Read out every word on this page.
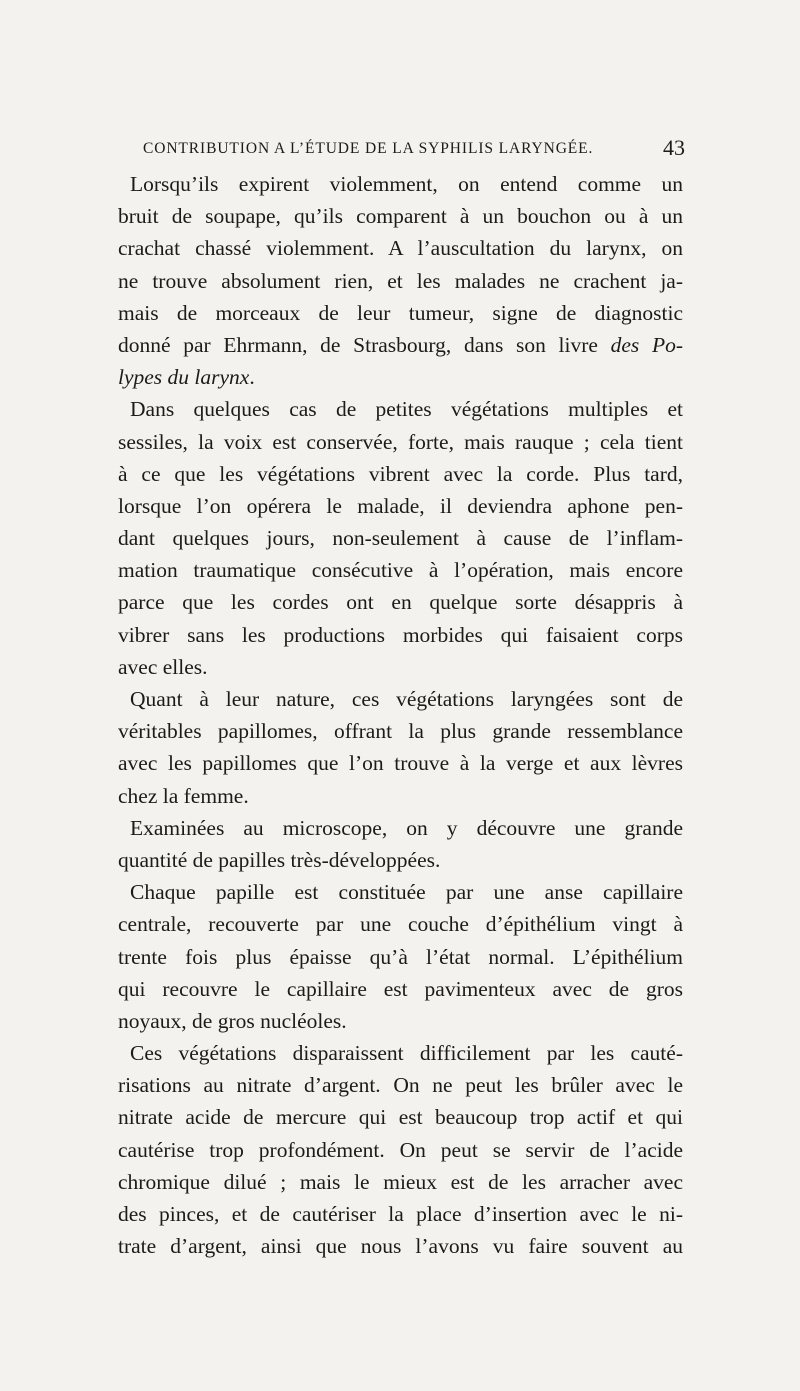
CONTRIBUTION A L’ÉTUDE DE LA SYPHILIS LARYNGÉE.	43
Lorsqu’ils expirent violemment, on entend comme un
bruit de soupape, qu’ils comparent à un bouchon ou à un
crachat chassé violemment. A l’auscultation du larynx, on
ne trouve absolument rien, et les malades ne crachent ja-
mais de morceaux de leur tumeur, signe de diagnostic
donné par Ehrmann, de Strasbourg, dans son livre des Po-
lypes du larynx.
Dans quelques cas de petites végétations multiples et
sessiles, la voix est conservée, forte, mais rauque ; cela tient
à ce que les végétations vibrent avec la corde. Plus tard,
lorsque l’on opérera le malade, il deviendra aphone pen-
dant quelques jours, non-seulement à cause de l’inflam-
mation traumatique consécutive à l’opération, mais encore
parce que les cordes ont en quelque sorte désappris à
vibrer sans les productions morbides qui faisaient corps
avec elles.
Quant à leur nature, ces végétations laryngées sont de
véritables papillomes, offrant la plus grande ressemblance
avec les papillomes que l’on trouve à la verge et aux lèvres
chez la femme.
Examinées au microscope, on y découvre une grande
quantité de papilles très-développées.
Chaque papille est constituée par une anse capillaire
centrale, recouverte par une couche d’épithélium vingt à
trente fois plus épaisse qu’à l’état normal. L’épithélium
qui recouvre le capillaire est pavimenteux avec de gros
noyaux, de gros nucléoles.
Ces végétations disparaissent difficilement par les cauté-
risations au nitrate d’argent. On ne peut les brûler avec le
nitrate acide de mercure qui est beaucoup trop actif et qui
cautérise trop profondément. On peut se servir de l’acide
chromique dilué ; mais le mieux est de les arracher avec
des pinces, et de cautériser la place d’insertion avec le ni-
trate d’argent, ainsi que nous l’avons vu faire souvent au
